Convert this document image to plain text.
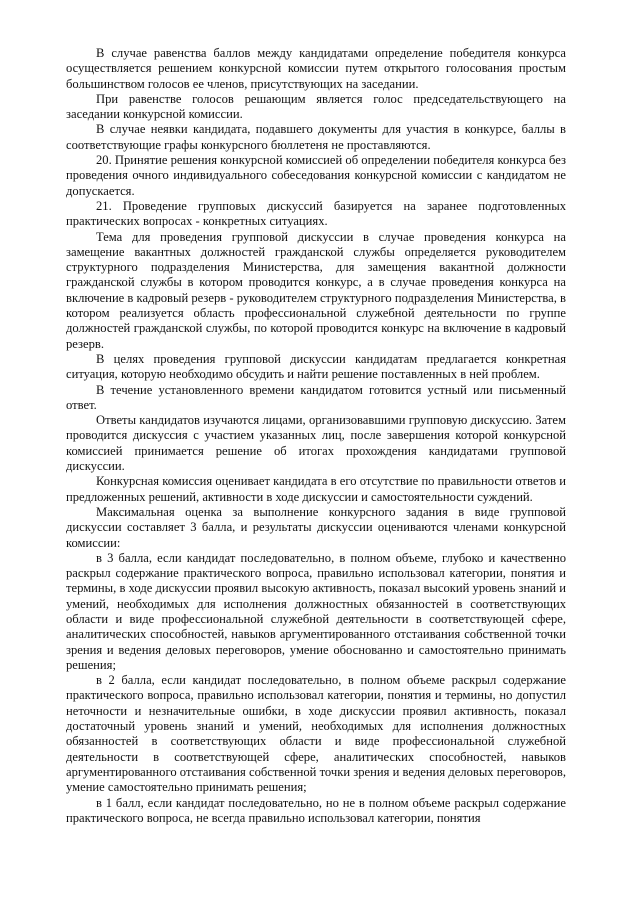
В случае равенства баллов между кандидатами определение победителя конкурса осуществляется решением конкурсной комиссии путем открытого голосования простым большинством голосов ее членов, присутствующих на заседании.

При равенстве голосов решающим является голос председательствующего на заседании конкурсной комиссии.

В случае неявки кандидата, подавшего документы для участия в конкурсе, баллы в соответствующие графы конкурсного бюллетеня не проставляются.

20. Принятие решения конкурсной комиссией об определении победителя конкурса без проведения очного индивидуального собеседования конкурсной комиссии с кандидатом не допускается.

21. Проведение групповых дискуссий базируется на заранее подготовленных практических вопросах - конкретных ситуациях.

Тема для проведения групповой дискуссии в случае проведения конкурса на замещение вакантных должностей гражданской службы определяется руководителем структурного подразделения Министерства, для замещения вакантной должности гражданской службы в котором проводится конкурс, а в случае проведения конкурса на включение в кадровый резерв - руководителем структурного подразделения Министерства, в котором реализуется область профессиональной служебной деятельности по группе должностей гражданской службы, по которой проводится конкурс на включение в кадровый резерв.

В целях проведения групповой дискуссии кандидатам предлагается конкретная ситуация, которую необходимо обсудить и найти решение поставленных в ней проблем.

В течение установленного времени кандидатом готовится устный или письменный ответ.

Ответы кандидатов изучаются лицами, организовавшими групповую дискуссию. Затем проводится дискуссия с участием указанных лиц, после завершения которой конкурсной комиссией принимается решение об итогах прохождения кандидатами групповой дискуссии.

Конкурсная комиссия оценивает кандидата в его отсутствие по правильности ответов и предложенных решений, активности в ходе дискуссии и самостоятельности суждений.

Максимальная оценка за выполнение конкурсного задания в виде групповой дискуссии составляет 3 балла, и результаты дискуссии оцениваются членами конкурсной комиссии:

в 3 балла, если кандидат последовательно, в полном объеме, глубоко и качественно раскрыл содержание практического вопроса, правильно использовал категории, понятия и термины, в ходе дискуссии проявил высокую активность, показал высокий уровень знаний и умений, необходимых для исполнения должностных обязанностей в соответствующих области и виде профессиональной служебной деятельности в соответствующей сфере, аналитических способностей, навыков аргументированного отстаивания собственной точки зрения и ведения деловых переговоров, умение обоснованно и самостоятельно принимать решения;

в 2 балла, если кандидат последовательно, в полном объеме раскрыл содержание практического вопроса, правильно использовал категории, понятия и термины, но допустил неточности и незначительные ошибки, в ходе дискуссии проявил активность, показал достаточный уровень знаний и умений, необходимых для исполнения должностных обязанностей в соответствующих области и виде профессиональной служебной деятельности в соответствующей сфере, аналитических способностей, навыков аргументированного отстаивания собственной точки зрения и ведения деловых переговоров, умение самостоятельно принимать решения;

в 1 балл, если кандидат последовательно, но не в полном объеме раскрыл содержание практического вопроса, не всегда правильно использовал категории, понятия
